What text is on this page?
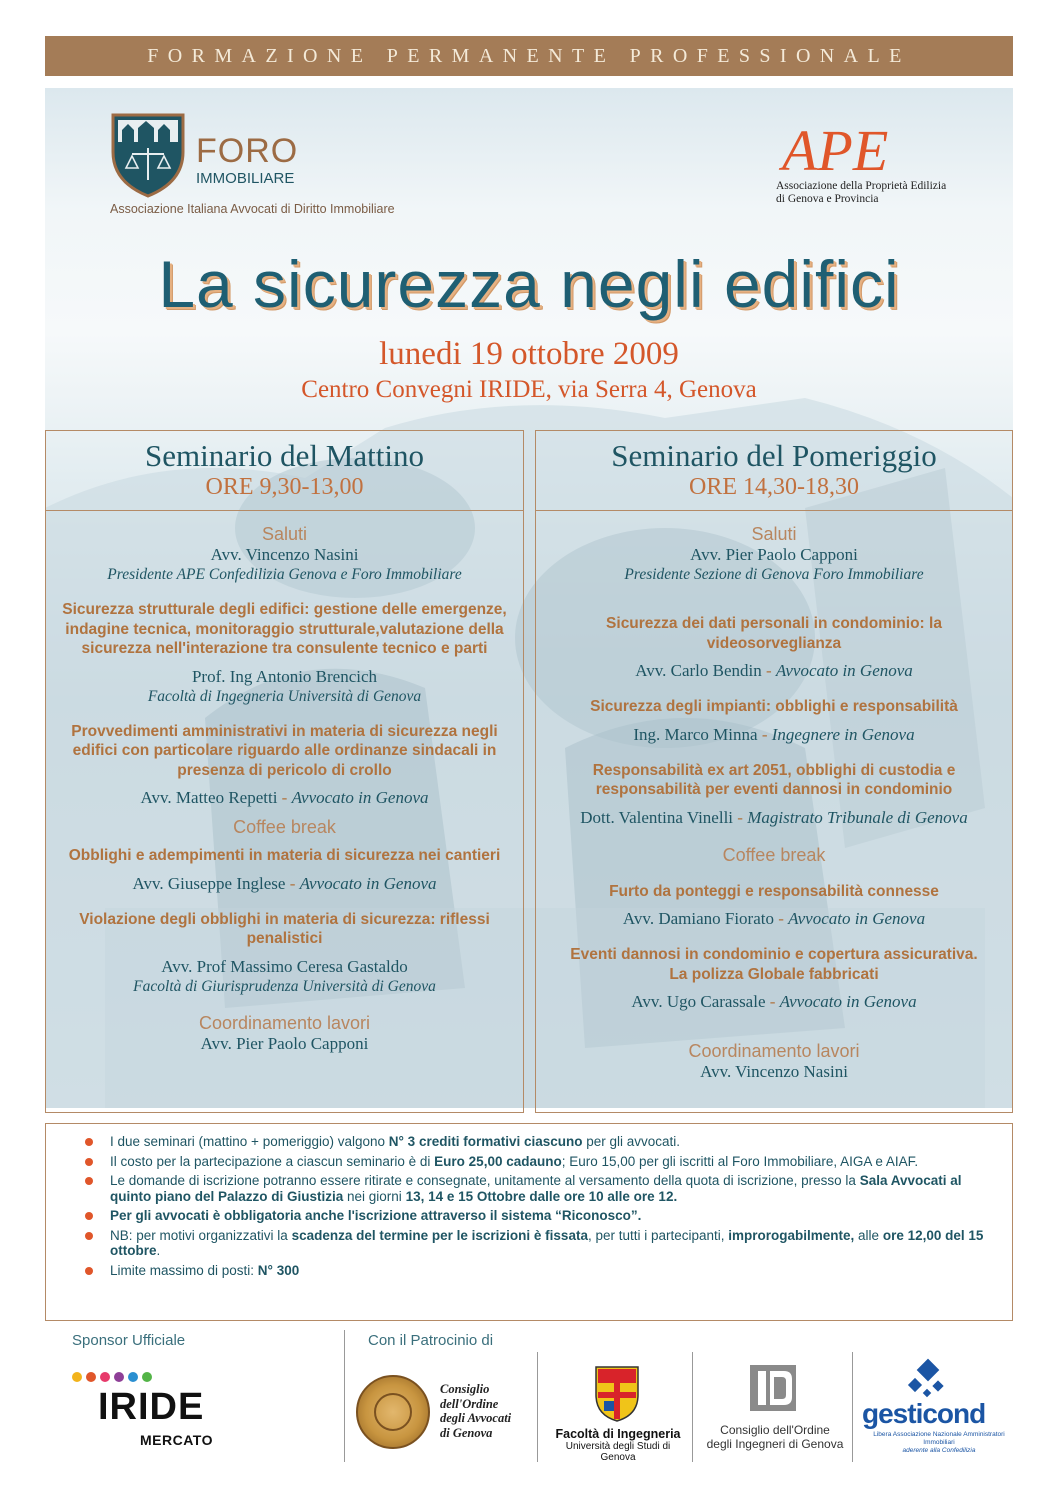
FORMAZIONE PERMANENTE PROFESSIONALE
FORO
IMMOBILIARE
Associazione Italiana Avvocati di Diritto Immobiliare
APE
Associazione della Proprietà Edilizia
di Genova e Provincia
La sicurezza negli edifici
lunedi 19 ottobre 2009
Centro Convegni IRIDE, via Serra 4, Genova
Seminario del Mattino
ORE 9,30-13,00
Saluti
Avv. Vincenzo Nasini
Presidente APE Confedilizia Genova e Foro Immobiliare
Sicurezza strutturale degli edifici: gestione delle emergenze, indagine tecnica, monitoraggio strutturale,valutazione della sicurezza nell'interazione tra consulente tecnico e parti
Prof. Ing Antonio Brencich
Facoltà di Ingegneria Università di Genova
Provvedimenti amministrativi in materia di sicurezza negli edifici con particolare riguardo alle ordinanze sindacali in presenza di pericolo di crollo
Avv. Matteo Repetti - Avvocato in Genova
Coffee break
Obblighi e adempimenti in materia di sicurezza nei cantieri
Avv. Giuseppe Inglese - Avvocato in Genova
Violazione degli obblighi in materia di sicurezza: riflessi penalistici
Avv. Prof Massimo Ceresa Gastaldo
Facoltà di Giurisprudenza Università di Genova
Coordinamento lavori
Avv. Pier Paolo Capponi
Seminario del Pomeriggio
ORE 14,30-18,30
Saluti
Avv. Pier Paolo Capponi
Presidente Sezione di Genova Foro Immobiliare
Sicurezza dei dati personali in condominio: la videosorveglianza
Avv. Carlo Bendin - Avvocato in Genova
Sicurezza degli impianti: obblighi e responsabilità
Ing. Marco Minna - Ingegnere in Genova
Responsabilità ex art 2051, obblighi di custodia e responsabilità per eventi dannosi in condominio
Dott. Valentina Vinelli - Magistrato Tribunale di Genova
Coffee break
Furto da ponteggi e responsabilità connesse
Avv. Damiano Fiorato - Avvocato in Genova
Eventi dannosi in condominio e copertura assicurativa.
La polizza Globale fabbricati
Avv. Ugo Carassale - Avvocato in Genova
Coordinamento lavori
Avv. Vincenzo Nasini
I due seminari (mattino + pomeriggio) valgono N° 3 crediti formativi ciascuno per gli avvocati.
Il costo per la partecipazione a ciascun seminario è di Euro 25,00 cadauno; Euro 15,00 per gli iscritti al Foro Immobiliare, AIGA e AIAF.
Le domande di iscrizione potranno essere ritirate e consegnate, unitamente al versamento della quota di iscrizione, presso la Sala Avvocati al quinto piano del Palazzo di Giustizia nei giorni 13, 14 e 15 Ottobre dalle ore 10 alle ore 12.
Per gli avvocati è obbligatoria anche l'iscrizione attraverso il sistema “Riconosco”.
NB: per motivi organizzativi la scadenza del termine per le iscrizioni è fissata, per tutti i partecipanti, improrogabilmente, alle ore 12,00 del 15 ottobre.
Limite massimo di posti: N° 300
Sponsor Ufficiale	Con il Patrocinio di
IRIDE
MERCATO
Consiglio
dell'Ordine
degli Avvocati
di Genova	Facoltà di Ingegneria
Università degli Studi di Genova
Consiglio dell'Ordine
degli Ingegneri di Genova
gesticond
Libera Associazione Nazionale Amministratori Immobiliari
aderente alla Confedilizia
